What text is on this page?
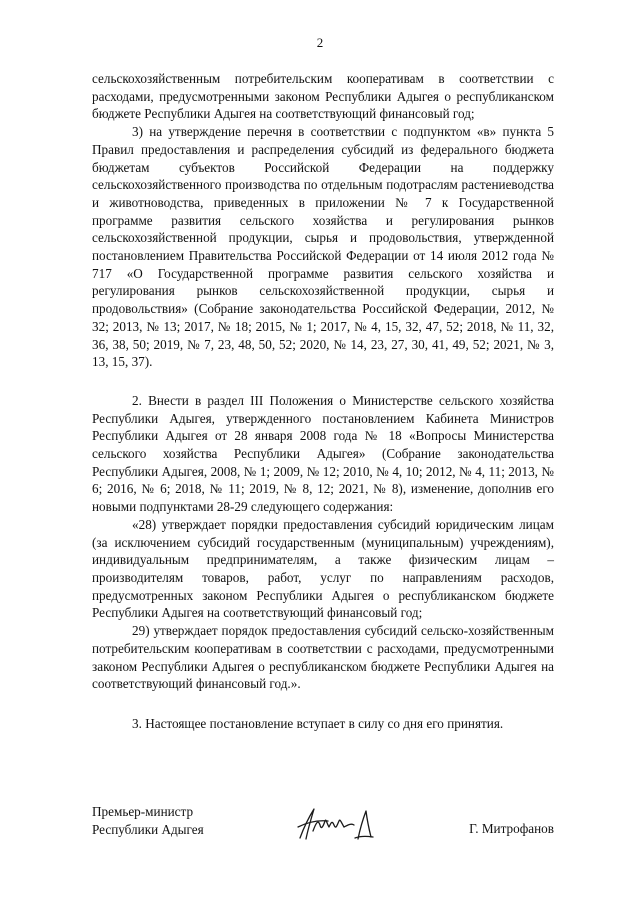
2

сельскохозяйственным потребительским кооперативам в соответствии с расходами, предусмотренными законом Республики Адыгея о республиканском бюджете Республики Адыгея на соответствующий финансовый год;

3) на утверждение перечня в соответствии с подпунктом «в» пункта 5 Правил предоставления и распределения субсидий из федерального бюджета бюджетам субъектов Российской Федерации на поддержку сельскохозяйственного производства по отдельным подотраслям растениеводства и животноводства, приведенных в приложении № 7 к Государственной программе развития сельского хозяйства и регулирования рынков сельскохозяйственной продукции, сырья и продовольствия, утвержденной постановлением Правительства Российской Федерации от 14 июля 2012 года № 717 «О Государственной программе развития сельского хозяйства и регулирования рынков сельскохозяйственной продукции, сырья и продовольствия» (Собрание законодательства Российской Федерации, 2012, № 32; 2013, № 13; 2017, № 18; 2015, № 1; 2017, № 4, 15, 32, 47, 52; 2018, № 11, 32, 36, 38, 50; 2019, № 7, 23, 48, 50, 52; 2020, № 14, 23, 27, 30, 41, 49, 52; 2021, № 3, 13, 15, 37).

2. Внести в раздел III Положения о Министерстве сельского хозяйства Республики Адыгея, утвержденного постановлением Кабинета Министров Республики Адыгея от 28 января 2008 года № 18 «Вопросы Министерства сельского хозяйства Республики Адыгея» (Собрание законодательства Республики Адыгея, 2008, № 1; 2009, № 12; 2010, № 4, 10; 2012, № 4, 11; 2013, № 6; 2016, № 6; 2018, № 11; 2019, № 8, 12; 2021, № 8), изменение, дополнив его новыми подпунктами 28-29 следующего содержания:

«28) утверждает порядки предоставления субсидий юридическим лицам (за исключением субсидий государственным (муниципальным) учреждениям), индивидуальным предпринимателям, а также физическим лицам – производителям товаров, работ, услуг по направлениям расходов, предусмотренных законом Республики Адыгея о республиканском бюджете Республики Адыгея на соответствующий финансовый год;

29) утверждает порядок предоставления субсидий сельско-хозяйственным потребительским кооперативам в соответствии с расходами, предусмотренными законом Республики Адыгея о республиканском бюджете Республики Адыгея на соответствующий финансовый год.».

3. Настоящее постановление вступает в силу со дня его принятия.

Премьер-министр
Республики Адыгея	Г. Митрофанов
